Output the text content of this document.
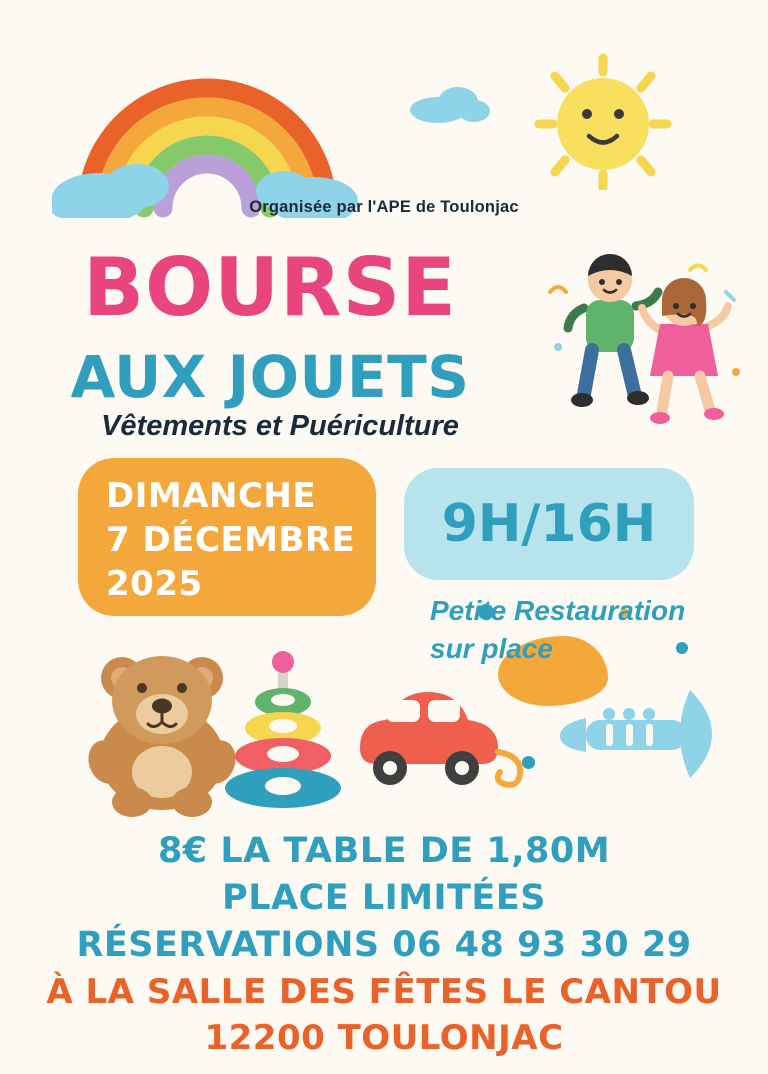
Organisée par l'APE de Toulonjac
BOURSE
AUX JOUETS
Vêtements et Puériculture
DIMANCHE
7 DÉCEMBRE
2025
9H/16H
Petite Restauration sur place
8€ LA TABLE DE 1,80M
PLACE LIMITÉES
RÉSERVATIONS 06 48 93 30 29
À LA SALLE DES FÊTES LE CANTOU
12200 TOULONJAC
